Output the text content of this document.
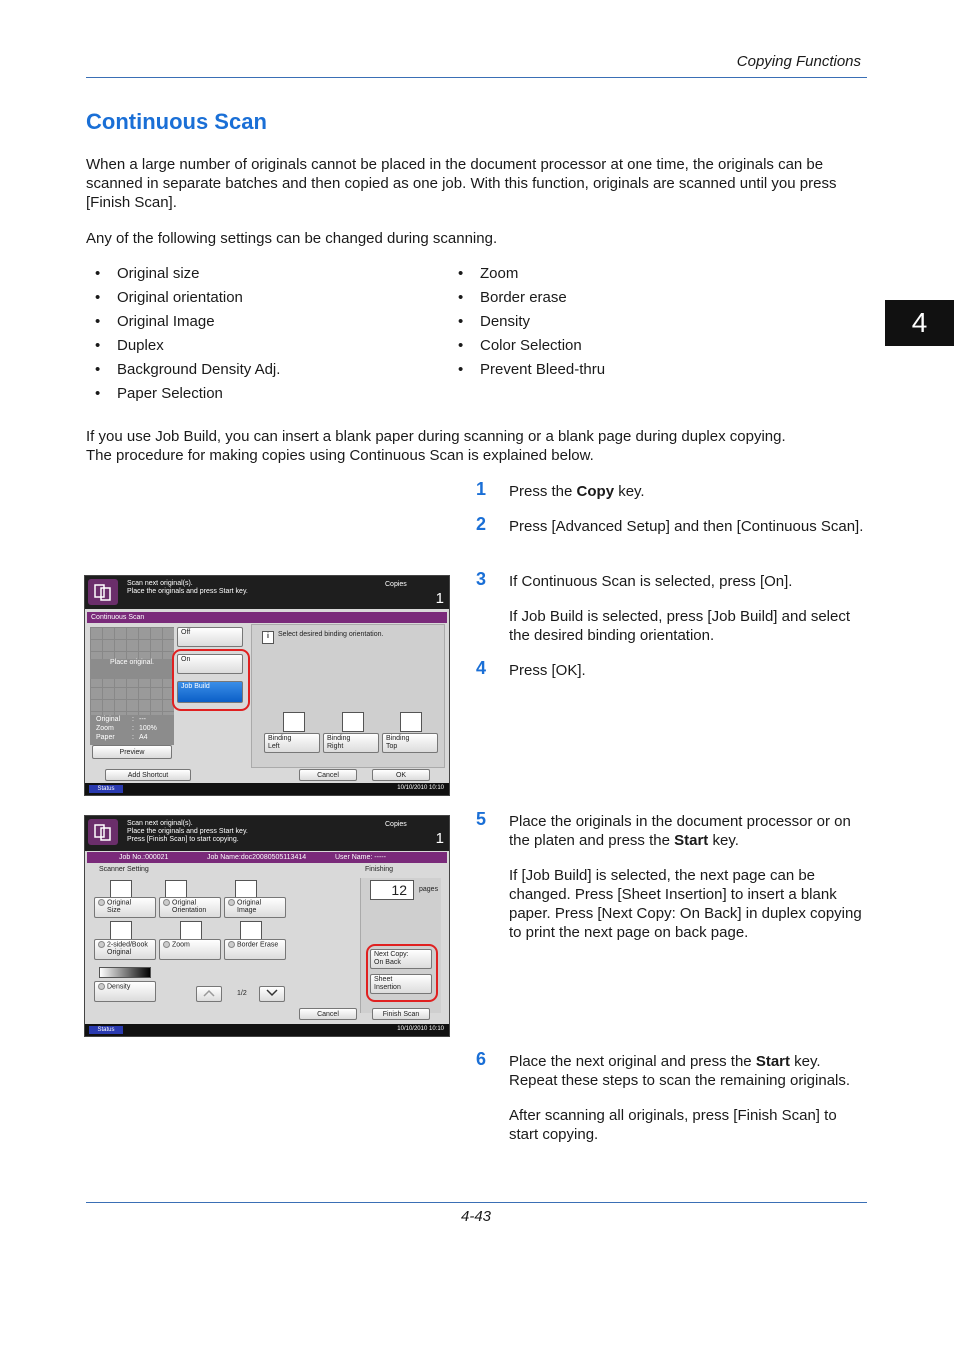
Copying Functions
Continuous Scan
When a large number of originals cannot be placed in the document processor at one time, the originals can be scanned in separate batches and then copied as one job. With this function, originals are scanned until you press [Finish Scan].
Any of the following settings can be changed during scanning.
• Original size
• Original orientation
• Original Image
• Duplex
• Background Density Adj.
• Paper Selection
• Zoom
• Border erase
• Density
• Color Selection
• Prevent Bleed-thru
4
If you use Job Build, you can insert a blank paper during scanning or a blank page during duplex copying.
The procedure for making copies using Continuous Scan is explained below.
1 Press the Copy key.
2 Press [Advanced Setup] and then [Continuous Scan].
3 If Continuous Scan is selected, press [On].
If Job Build is selected, press [Job Build] and select the desired binding orientation.
4 Press [OK].
5 Place the originals in the document processor or on the platen and press the Start key.
If [Job Build] is selected, the next page can be changed. Press [Sheet Insertion] to insert a blank paper. Press [Next Copy: On Back] in duplex copying to print the next page on back page.
6 Place the next original and press the Start key. Repeat these steps to scan the remaining originals.
After scanning all originals, press [Finish Scan] to start copying.
Scan next original(s).
Place the originals and press Start key.
Copies
1
Continuous Scan
Place original.
Original : ---
Zoom	: 100%
Paper : A4
Preview
Off
On
Job Build
i	Select desired binding orientation.
Binding
Left
Binding
Right
Binding
Top
Add Shortcut	Cancel	OK
Status	10/10/2010 10:10
Scan next original(s).
Place the originals and press Start key.
Press [Finish Scan] to start copying.
Copies
1
Job No.:000021	Job Name:doc20080505113414	User Name: -----
Scanner Setting	Finishing
Original
Size
Original
Orientation
Original
Image
2-sided/Book
Original
Zoom	Border Erase
Density
1/2
12	pages
Next Copy:
On Back
Sheet
Insertion
Cancel	Finish Scan
Status	10/10/2010 10:10
4-43
